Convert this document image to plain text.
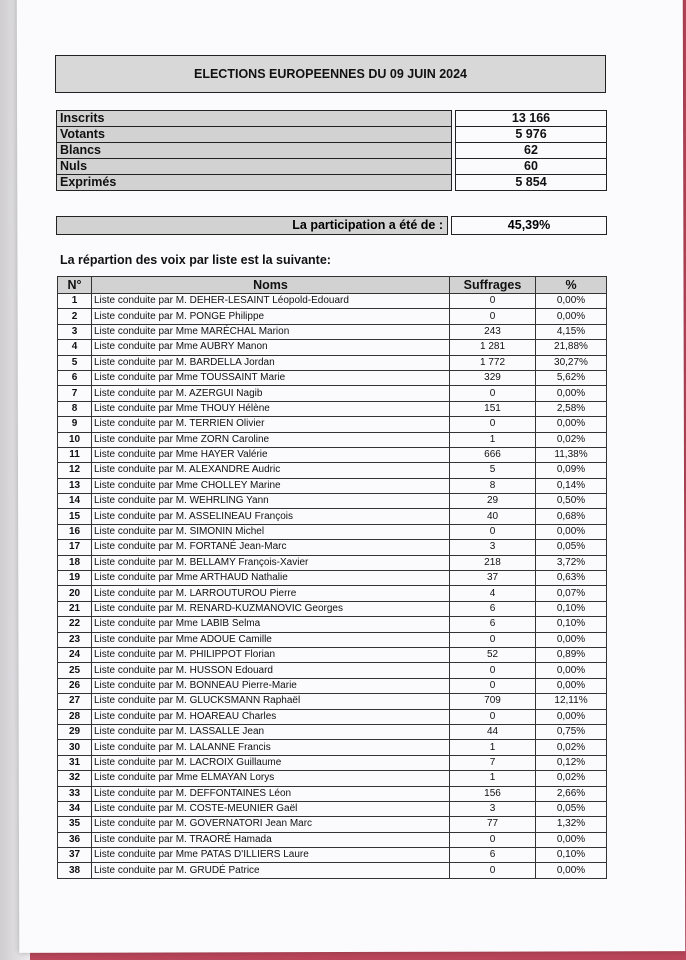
ELECTIONS EUROPEENNES DU 09 JUIN 2024
Inscrits		13 166
Votants		5 976
Blancs		62
Nuls		60
Exprimés		5 854
La participation a été de :	45,39%
La répartion des voix par liste est la suivante:
N°	Noms	Suffrages	%
1	Liste conduite par M. DEHER-LESAINT Léopold-Edouard	0	0,00%
2	Liste conduite par M. PONGE Philippe	0	0,00%
3	Liste conduite par Mme MARÉCHAL Marion	243	4,15%
4	Liste conduite par Mme AUBRY Manon	1 281	21,88%
5	Liste conduite par M. BARDELLA Jordan	1 772	30,27%
6	Liste conduite par Mme TOUSSAINT Marie	329	5,62%
7	Liste conduite par M. AZERGUI Nagib	0	0,00%
8	Liste conduite par Mme THOUY Hélène	151	2,58%
9	Liste conduite par M. TERRIEN Olivier	0	0,00%
10	Liste conduite par Mme ZORN Caroline	1	0,02%
11	Liste conduite par Mme HAYER Valérie	666	11,38%
12	Liste conduite par M. ALEXANDRE Audric	5	0,09%
13	Liste conduite par Mme CHOLLEY Marine	8	0,14%
14	Liste conduite par M. WEHRLING Yann	29	0,50%
15	Liste conduite par M. ASSELINEAU François	40	0,68%
16	Liste conduite par M. SIMONIN Michel	0	0,00%
17	Liste conduite par M. FORTANÉ Jean-Marc	3	0,05%
18	Liste conduite par M. BELLAMY François-Xavier	218	3,72%
19	Liste conduite par Mme ARTHAUD Nathalie	37	0,63%
20	Liste conduite par M. LARROUTUROU Pierre	4	0,07%
21	Liste conduite par M. RENARD-KUZMANOVIC Georges	6	0,10%
22	Liste conduite par Mme LABIB Selma	6	0,10%
23	Liste conduite par Mme ADOUE Camille	0	0,00%
24	Liste conduite par M. PHILIPPOT Florian	52	0,89%
25	Liste conduite par M. HUSSON Edouard	0	0,00%
26	Liste conduite par M. BONNEAU Pierre-Marie	0	0,00%
27	Liste conduite par M. GLUCKSMANN Raphaël	709	12,11%
28	Liste conduite par M. HOAREAU Charles	0	0,00%
29	Liste conduite par M. LASSALLE Jean	44	0,75%
30	Liste conduite par M. LALANNE Francis	1	0,02%
31	Liste conduite par M. LACROIX Guillaume	7	0,12%
32	Liste conduite par Mme ELMAYAN Lorys	1	0,02%
33	Liste conduite par M. DEFFONTAINES Léon	156	2,66%
34	Liste conduite par M. COSTE-MEUNIER Gaël	3	0,05%
35	Liste conduite par M. GOVERNATORI Jean Marc	77	1,32%
36	Liste conduite par M. TRAORÉ Hamada	0	0,00%
37	Liste conduite par Mme PATAS D'ILLIERS Laure	6	0,10%
38	Liste conduite par M. GRUDÉ Patrice	0	0,00%
